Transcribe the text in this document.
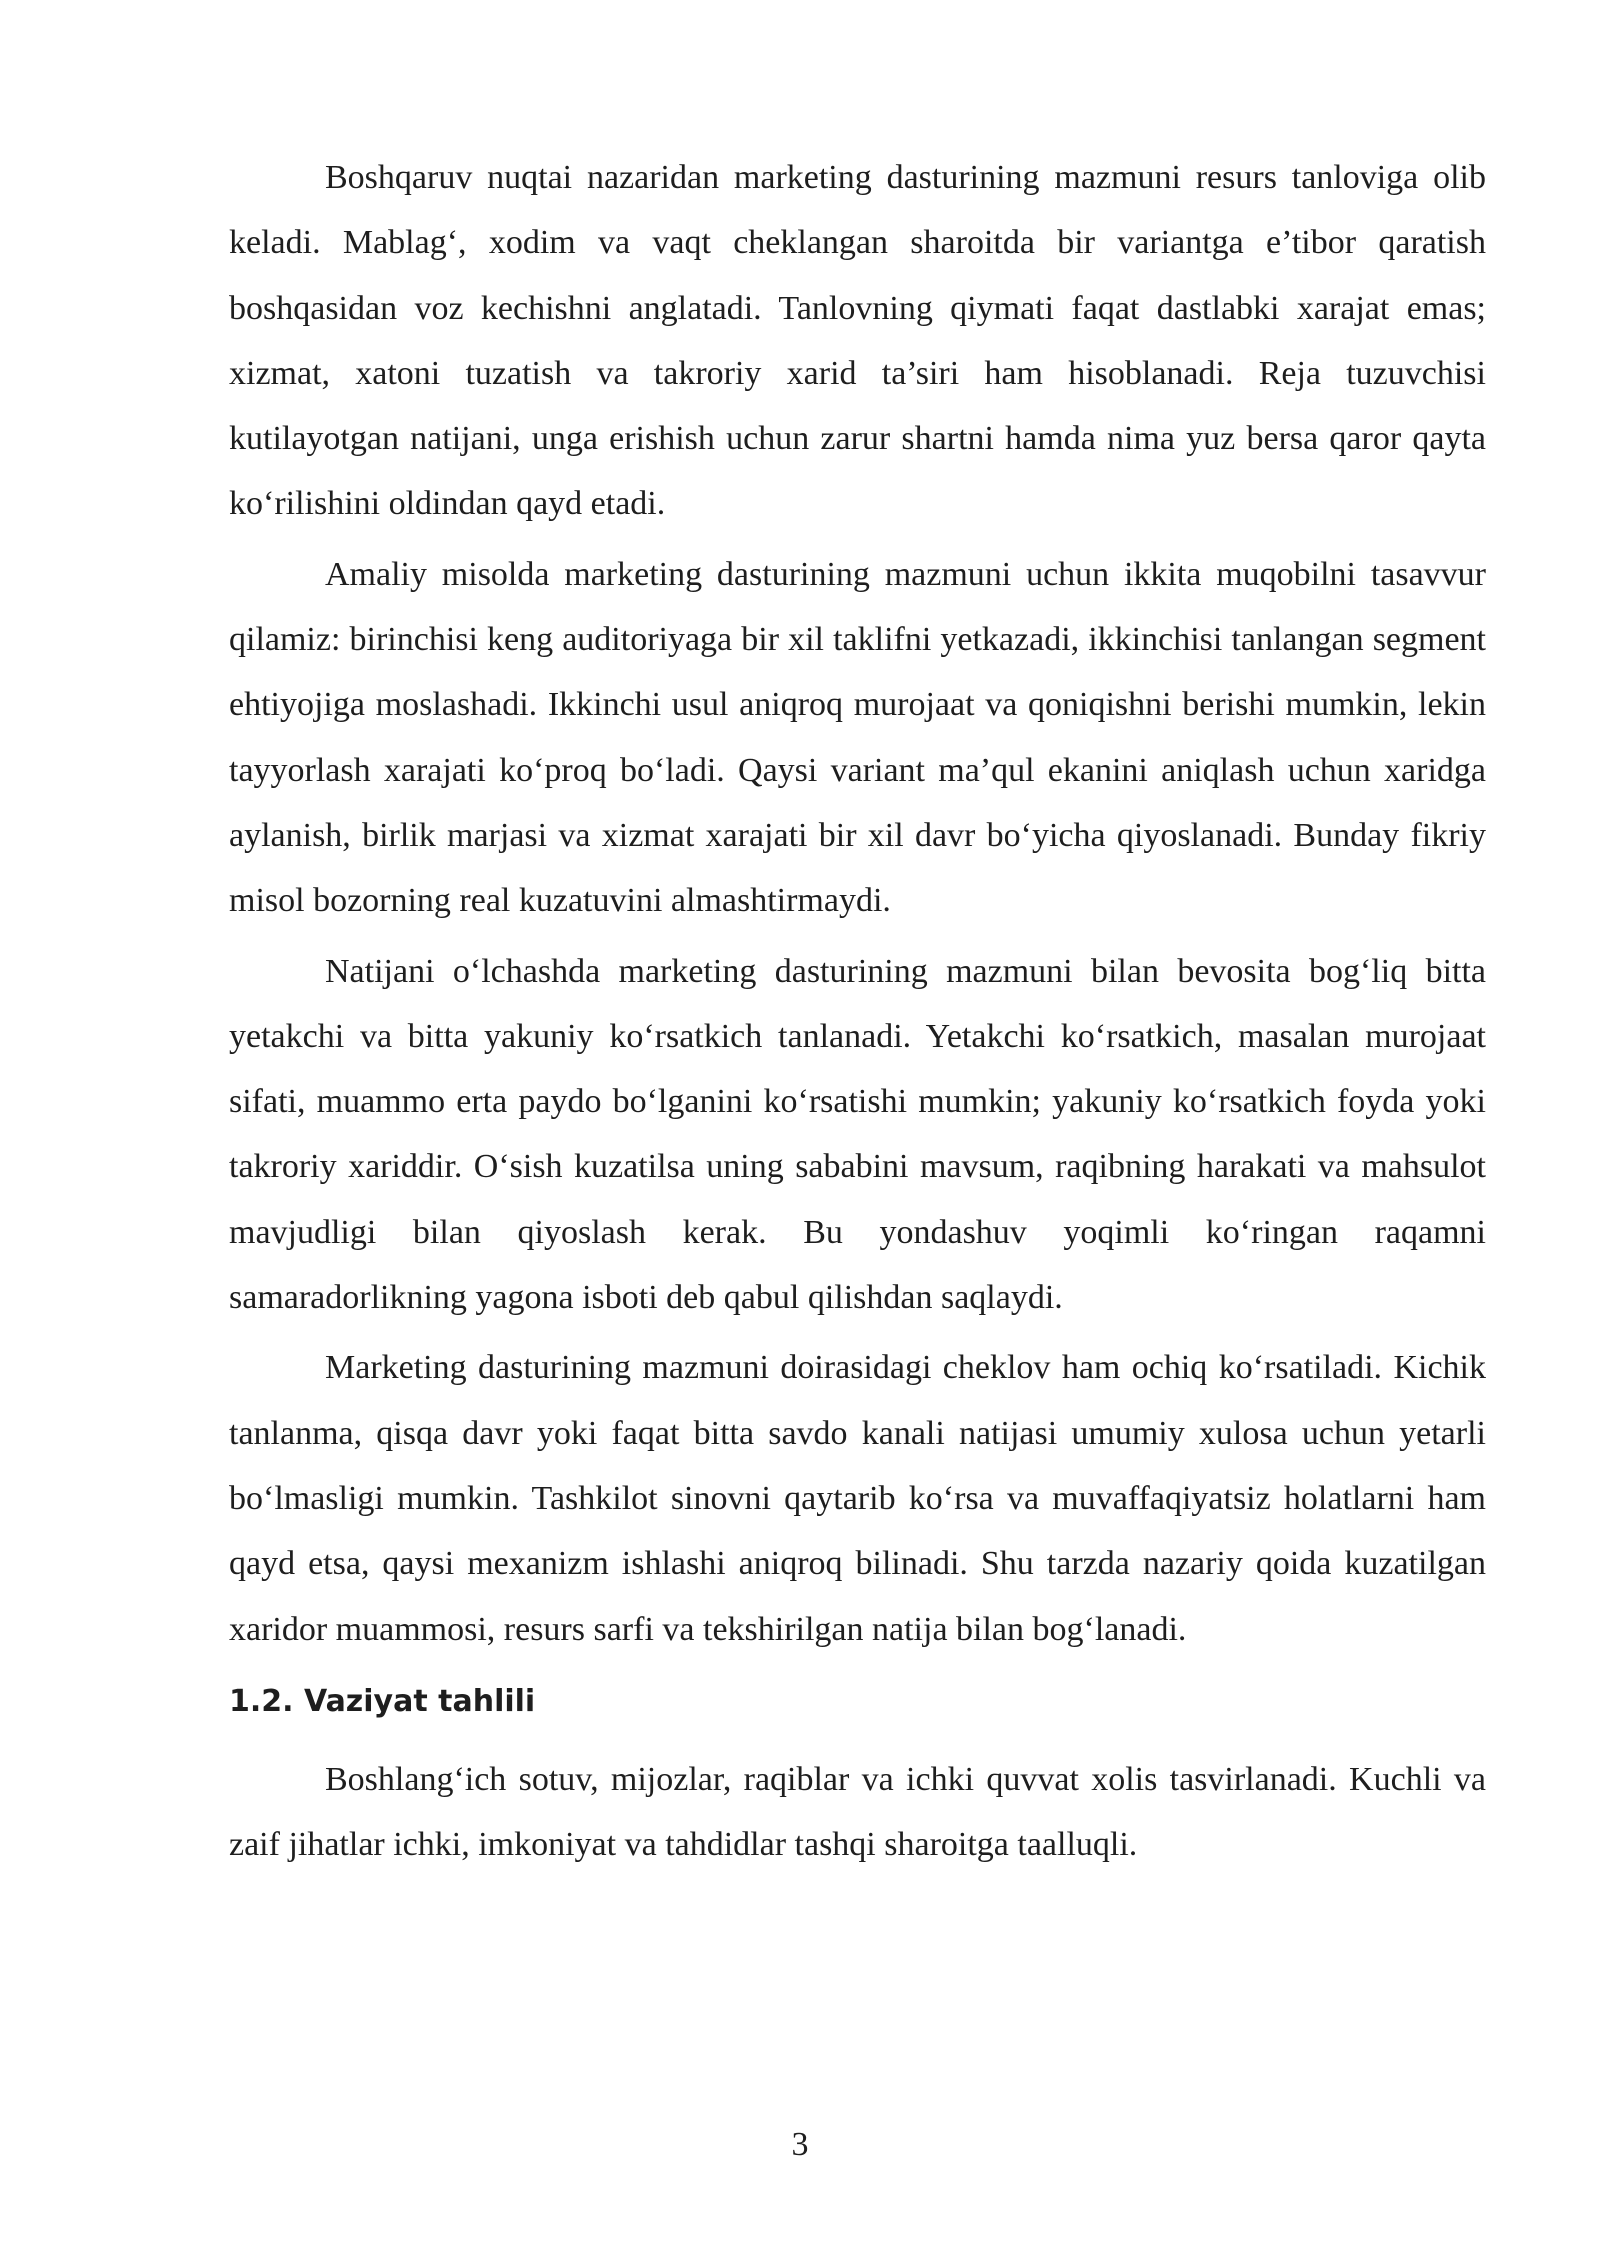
Boshqaruv nuqtai nazaridan marketing dasturining mazmuni resurs tanloviga olib keladi. Mablag‘, xodim va vaqt cheklangan sharoitda bir variantga e’tibor qaratish boshqasidan voz kechishni anglatadi. Tanlovning qiymati faqat dastlabki xarajat emas; xizmat, xatoni tuzatish va takroriy xarid ta’siri ham hisoblanadi. Reja tuzuvchisi kutilayotgan natijani, unga erishish uchun zarur shartni hamda nima yuz bersa qaror qayta ko‘rilishini oldindan qayd etadi.

Amaliy misolda marketing dasturining mazmuni uchun ikkita muqobilni tasavvur qilamiz: birinchisi keng auditoriyaga bir xil taklifni yetkazadi, ikkinchisi tanlangan segment ehtiyojiga moslashadi. Ikkinchi usul aniqroq murojaat va qoniqishni berishi mumkin, lekin tayyorlash xarajati ko‘proq bo‘ladi. Qaysi variant ma’qul ekanini aniqlash uchun xaridga aylanish, birlik marjasi va xizmat xarajati bir xil davr bo‘yicha qiyoslanadi. Bunday fikriy misol bozorning real kuzatuvini almashtirmaydi.

Natijani o‘lchashda marketing dasturining mazmuni bilan bevosita bog‘liq bitta yetakchi va bitta yakuniy ko‘rsatkich tanlanadi. Yetakchi ko‘rsatkich, masalan murojaat sifati, muammo erta paydo bo‘lganini ko‘rsatishi mumkin; yakuniy ko‘rsatkich foyda yoki takroriy xariddir. O‘sish kuzatilsa uning sababini mavsum, raqibning harakati va mahsulot mavjudligi bilan qiyoslash kerak. Bu yondashuv yoqimli ko‘ringan raqamni samaradorlikning yagona isboti deb qabul qilishdan saqlaydi.

Marketing dasturining mazmuni doirasidagi cheklov ham ochiq ko‘rsatiladi. Kichik tanlanma, qisqa davr yoki faqat bitta savdo kanali natijasi umumiy xulosa uchun yetarli bo‘lmasligi mumkin. Tashkilot sinovni qaytarib ko‘rsa va muvaffaqiyatsiz holatlarni ham qayd etsa, qaysi mexanizm ishlashi aniqroq bilinadi. Shu tarzda nazariy qoida kuzatilgan xaridor muammosi, resurs sarfi va tekshirilgan natija bilan bog‘lanadi.

1.2. Vaziyat tahlili

Boshlang‘ich sotuv, mijozlar, raqiblar va ichki quvvat xolis tasvirlanadi. Kuchli va zaif jihatlar ichki, imkoniyat va tahdidlar tashqi sharoitga taalluqli.

3
